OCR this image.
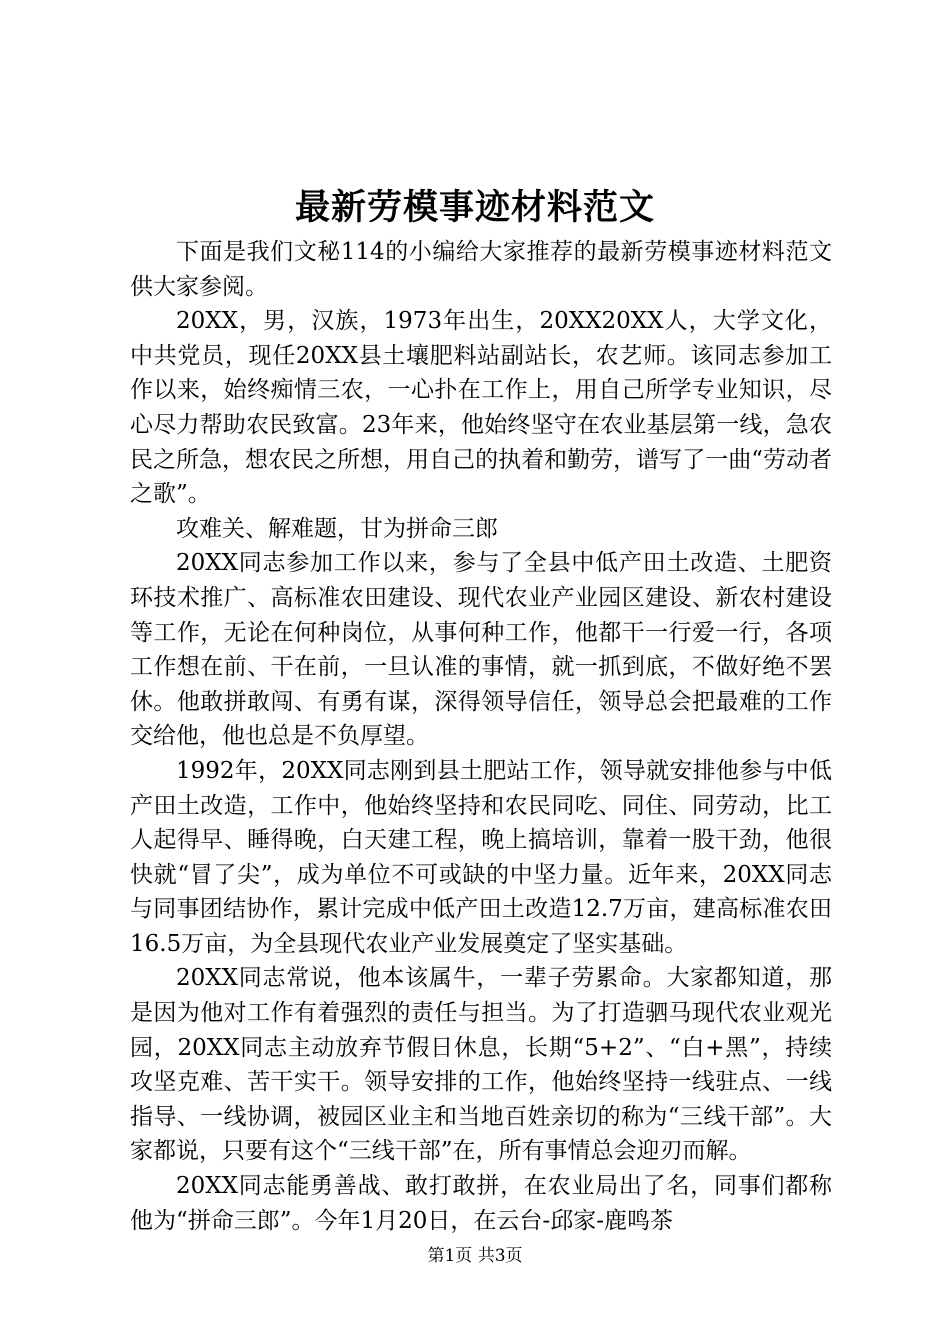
最新劳模事迹材料范文

下面是我们文秘114的小编给大家推荐的最新劳模事迹材料范文供大家参阅。

20XX，男，汉族，1973年出生，20XX20XX人，大学文化，中共党员，现任20XX县土壤肥料站副站长，农艺师。该同志参加工作以来，始终痴情三农，一心扑在工作上，用自己所学专业知识，尽心尽力帮助农民致富。23年来，他始终坚守在农业基层第一线，急农民之所急，想农民之所想，用自己的执着和勤劳，谱写了一曲“劳动者之歌”。

攻难关、解难题，甘为拼命三郎

20XX同志参加工作以来，参与了全县中低产田土改造、土肥资环技术推广、高标准农田建设、现代农业产业园区建设、新农村建设等工作，无论在何种岗位，从事何种工作，他都干一行爱一行，各项工作想在前、干在前，一旦认准的事情，就一抓到底，不做好绝不罢休。他敢拼敢闯、有勇有谋，深得领导信任，领导总会把最难的工作交给他，他也总是不负厚望。

1992年，20XX同志刚到县土肥站工作，领导就安排他参与中低产田土改造，工作中，他始终坚持和农民同吃、同住、同劳动，比工人起得早、睡得晚，白天建工程，晚上搞培训，靠着一股干劲，他很快就“冒了尖”，成为单位不可或缺的中坚力量。近年来，20XX同志与同事团结协作，累计完成中低产田土改造12.7万亩，建高标准农田16.5万亩，为全县现代农业产业发展奠定了坚实基础。

20XX同志常说，他本该属牛，一辈子劳累命。大家都知道，那是因为他对工作有着强烈的责任与担当。为了打造驷马现代农业观光园，20XX同志主动放弃节假日休息，长期“5+2”、“白+黑”，持续攻坚克难、苦干实干。领导安排的工作，他始终坚持一线驻点、一线指导、一线协调，被园区业主和当地百姓亲切的称为“三线干部”。大家都说，只要有这个“三线干部”在，所有事情总会迎刃而解。

20XX同志能勇善战、敢打敢拼，在农业局出了名，同事们都称他为“拼命三郎”。今年1月20日，在云台-邱家-鹿鸣茶

第1页 共3页
